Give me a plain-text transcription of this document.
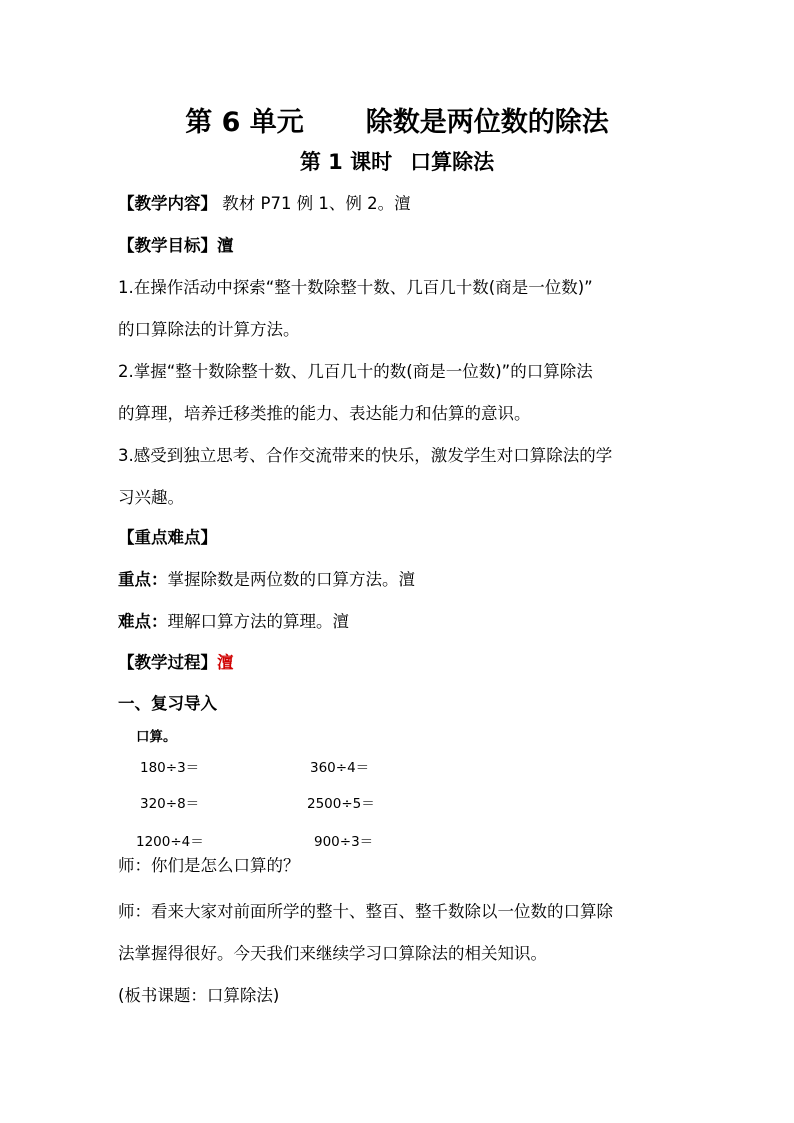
第 6 单元 除数是两位数的除法
第 1 课时 口算除法
【教学内容】 教材 P71 例 1、例 2。澶
【教学目标】澶
1.在操作活动中探索“整十数除整十数、几百几十数(商是一位数)”
的口算除法的计算方法。
2.掌握“整十数除整十数、几百几十的数(商是一位数)”的口算除法
的算理，培养迁移类推的能力、表达能力和估算的意识。
3.感受到独立思考、合作交流带来的快乐，激发学生对口算除法的学
习兴趣。
【重点难点】
重点：掌握除数是两位数的口算方法。澶
难点：理解口算方法的算理。澶
【教学过程】澶
一、复习导入
口算。
180÷3＝	360÷4＝
320÷8＝	2500÷5＝
1200÷4＝	900÷3＝
师：你们是怎么口算的？
师：看来大家对前面所学的整十、整百、整千数除以一位数的口算除
法掌握得很好。今天我们来继续学习口算除法的相关知识。
(板书课题：口算除法)
